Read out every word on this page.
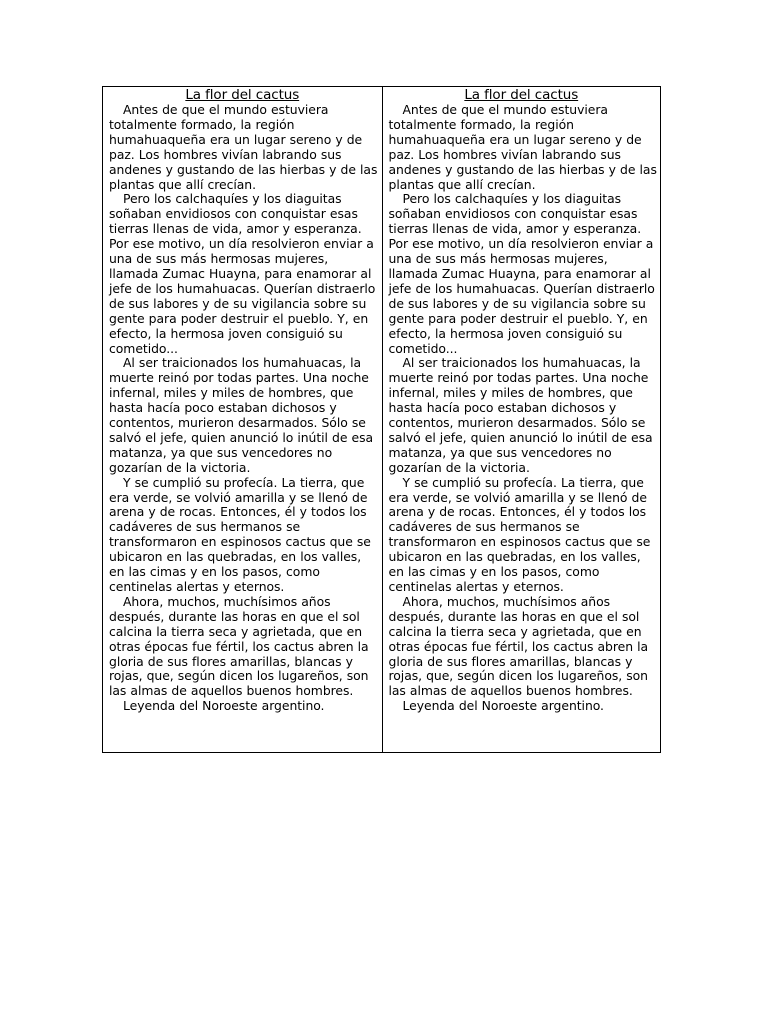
La flor del cactus

Antes de que el mundo estuviera totalmente formado, la región humahuaqueña era un lugar sereno y de paz. Los hombres vivían labrando sus andenes y gustando de las hierbas y de las plantas que allí crecían.

Pero los calchaquíes y los diaguitas soñaban envidiosos con conquistar esas tierras llenas de vida, amor y esperanza. Por ese motivo, un día resolvieron enviar a una de sus más hermosas mujeres, llamada Zumac Huayna, para enamorar al jefe de los humahuacas. Querían distraerlo de sus labores y de su vigilancia sobre su gente para poder destruir el pueblo. Y, en efecto, la hermosa joven consiguió su cometido...

Al ser traicionados los humahuacas, la muerte reinó por todas partes. Una noche infernal, miles y miles de hombres, que hasta hacía poco estaban dichosos y contentos, murieron desarmados. Sólo se salvó el jefe, quien anunció lo inútil de esa matanza, ya que sus vencedores no gozarían de la victoria.

Y se cumplió su profecía. La tierra, que era verde, se volvió amarilla y se llenó de arena y de rocas. Entonces, él y todos los cadáveres de sus hermanos se transformaron en espinosos cactus que se ubicaron en las quebradas, en los valles, en las cimas y en los pasos, como centinelas alertas y eternos.

Ahora, muchos, muchísimos años después, durante las horas en que el sol calcina la tierra seca y agrietada, que en otras épocas fue fértil, los cactus abren la gloria de sus flores amarillas, blancas y rojas, que, según dicen los lugareños, son las almas de aquellos buenos hombres.

Leyenda del Noroeste argentino.

La flor del cactus

Antes de que el mundo estuviera totalmente formado, la región humahuaqueña era un lugar sereno y de paz. Los hombres vivían labrando sus andenes y gustando de las hierbas y de las plantas que allí crecían.

Pero los calchaquíes y los diaguitas soñaban envidiosos con conquistar esas tierras llenas de vida, amor y esperanza. Por ese motivo, un día resolvieron enviar a una de sus más hermosas mujeres, llamada Zumac Huayna, para enamorar al jefe de los humahuacas. Querían distraerlo de sus labores y de su vigilancia sobre su gente para poder destruir el pueblo. Y, en efecto, la hermosa joven consiguió su cometido...

Al ser traicionados los humahuacas, la muerte reinó por todas partes. Una noche infernal, miles y miles de hombres, que hasta hacía poco estaban dichosos y contentos, murieron desarmados. Sólo se salvó el jefe, quien anunció lo inútil de esa matanza, ya que sus vencedores no gozarían de la victoria.

Y se cumplió su profecía. La tierra, que era verde, se volvió amarilla y se llenó de arena y de rocas. Entonces, él y todos los cadáveres de sus hermanos se transformaron en espinosos cactus que se ubicaron en las quebradas, en los valles, en las cimas y en los pasos, como centinelas alertas y eternos.

Ahora, muchos, muchísimos años después, durante las horas en que el sol calcina la tierra seca y agrietada, que en otras épocas fue fértil, los cactus abren la gloria de sus flores amarillas, blancas y rojas, que, según dicen los lugareños, son las almas de aquellos buenos hombres.

Leyenda del Noroeste argentino.
